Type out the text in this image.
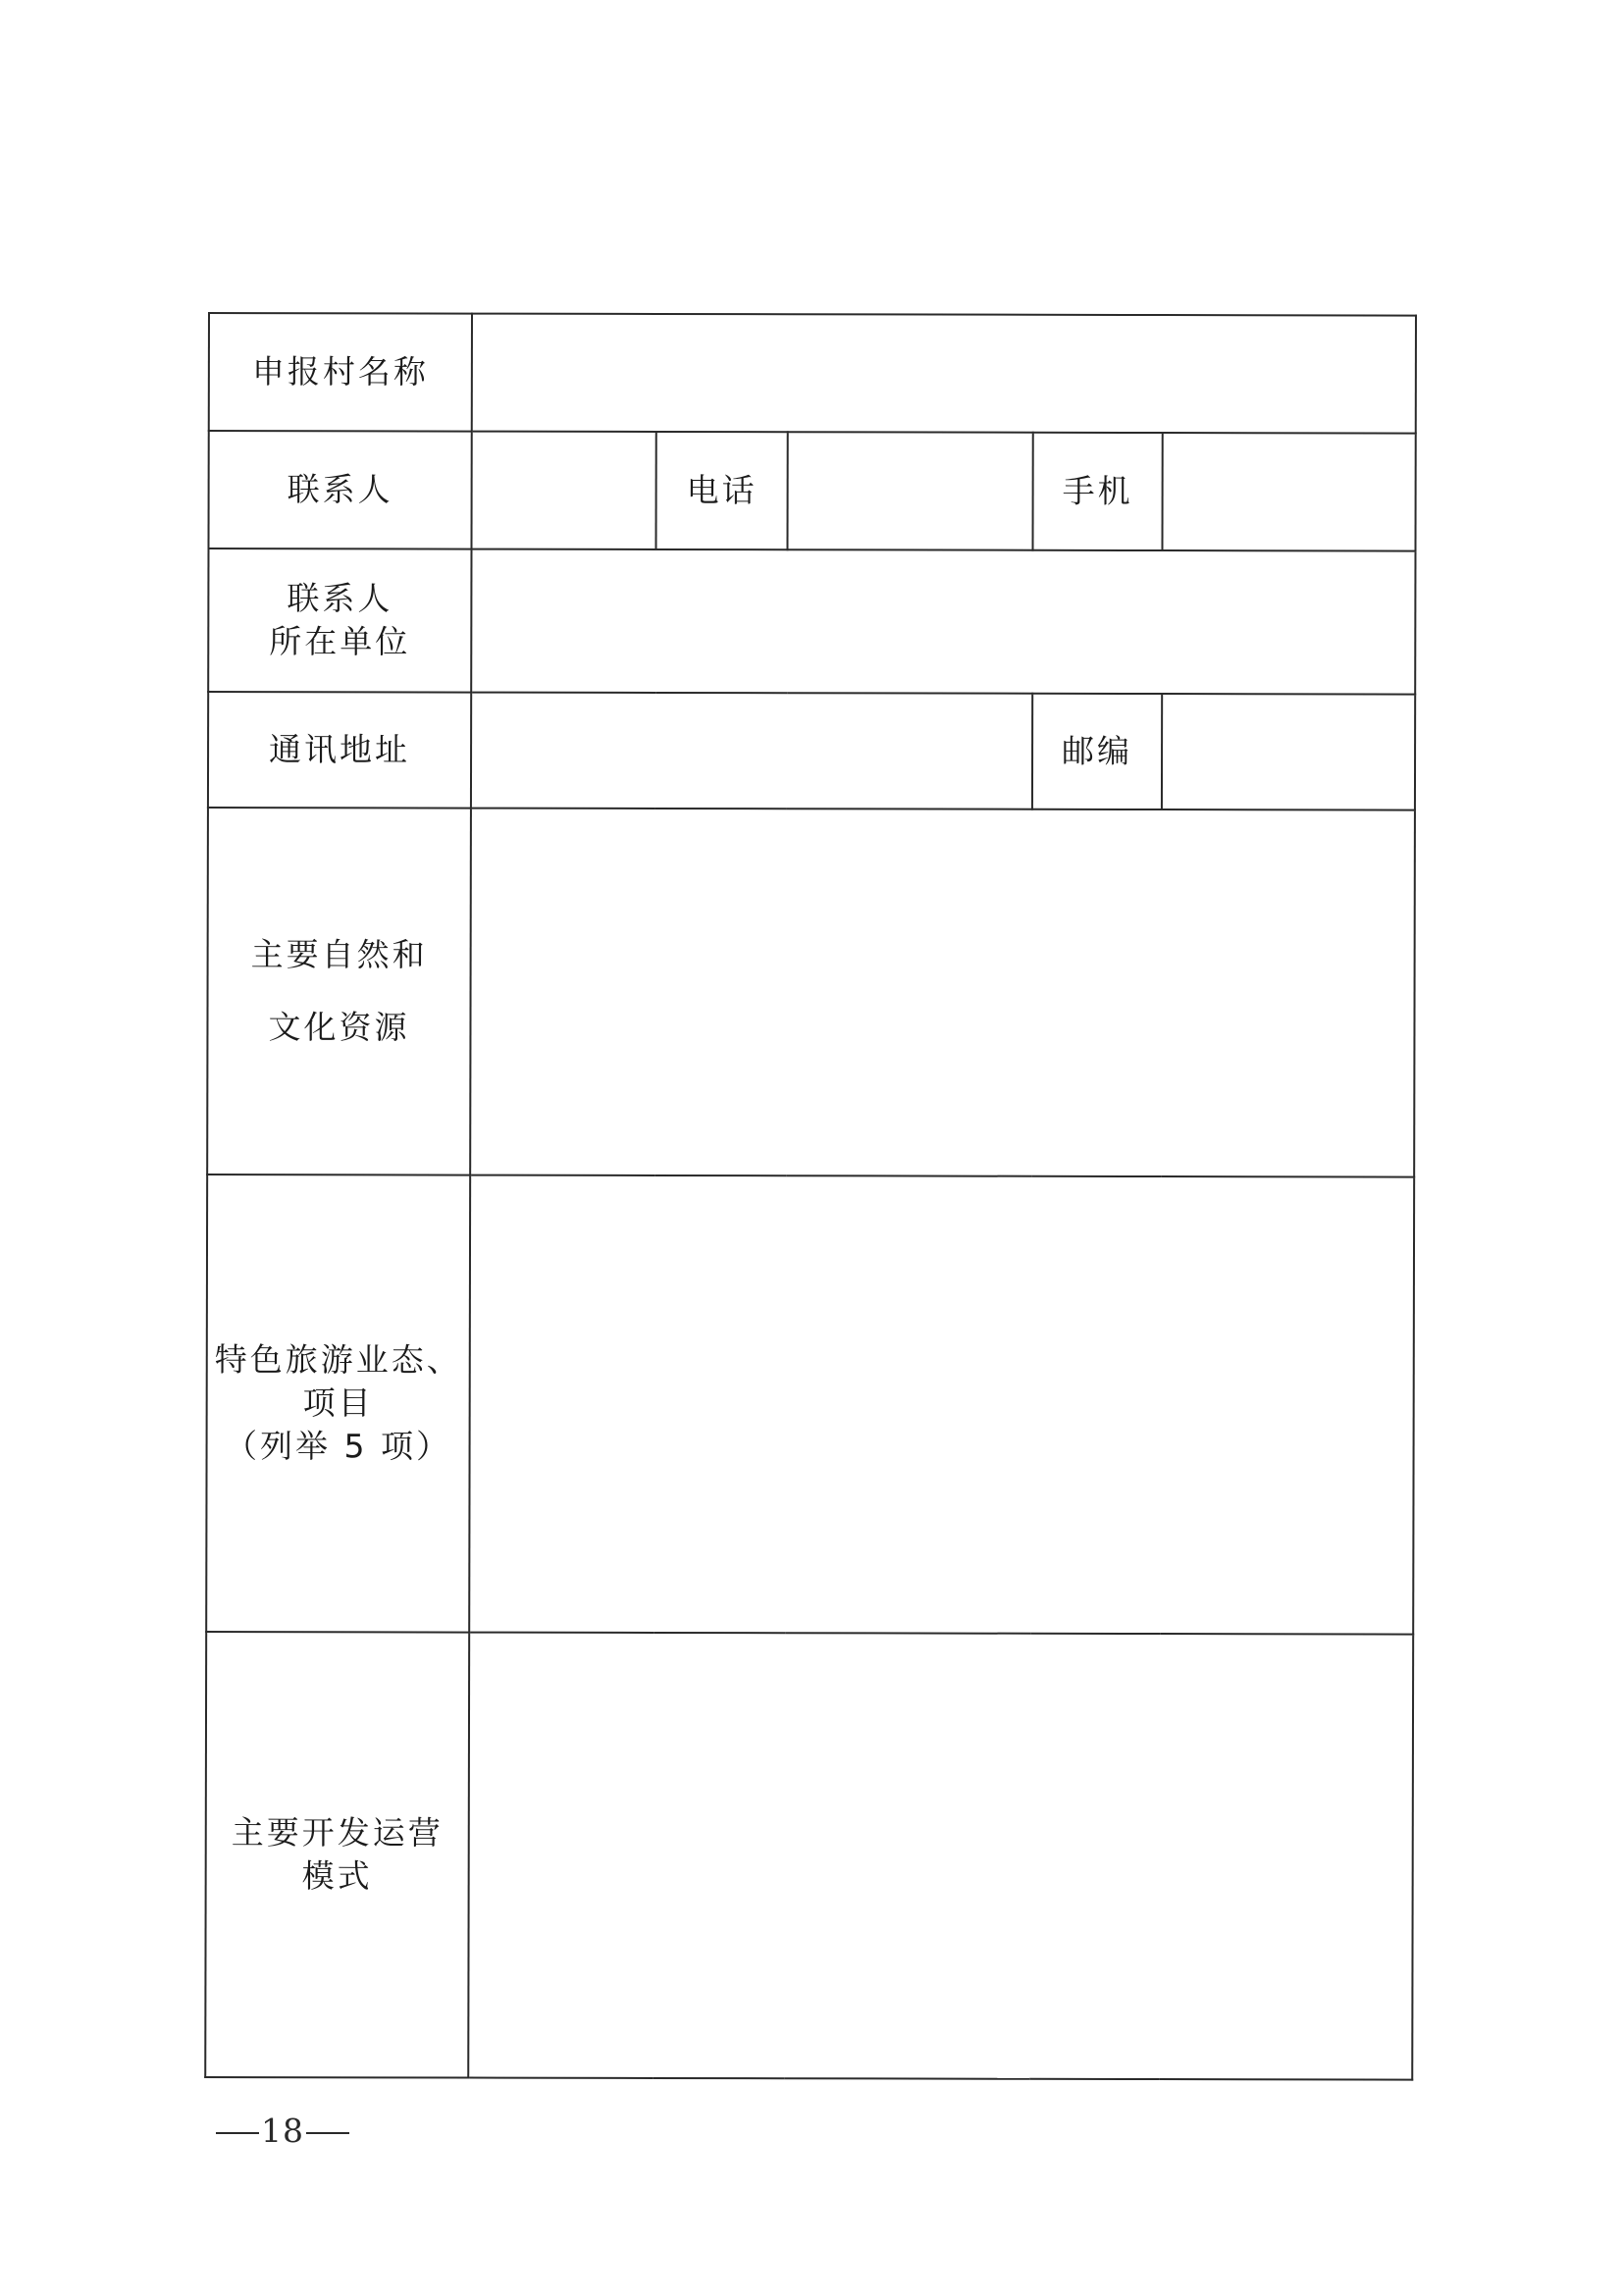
申报村名称					
联系人		电话		手机	

联系人
所在单位					

通讯地址				邮编	

主要自然和
文化资源					

特色旅游业态、
项目
（列举 5 项）					

主要开发运营
模式					

18
